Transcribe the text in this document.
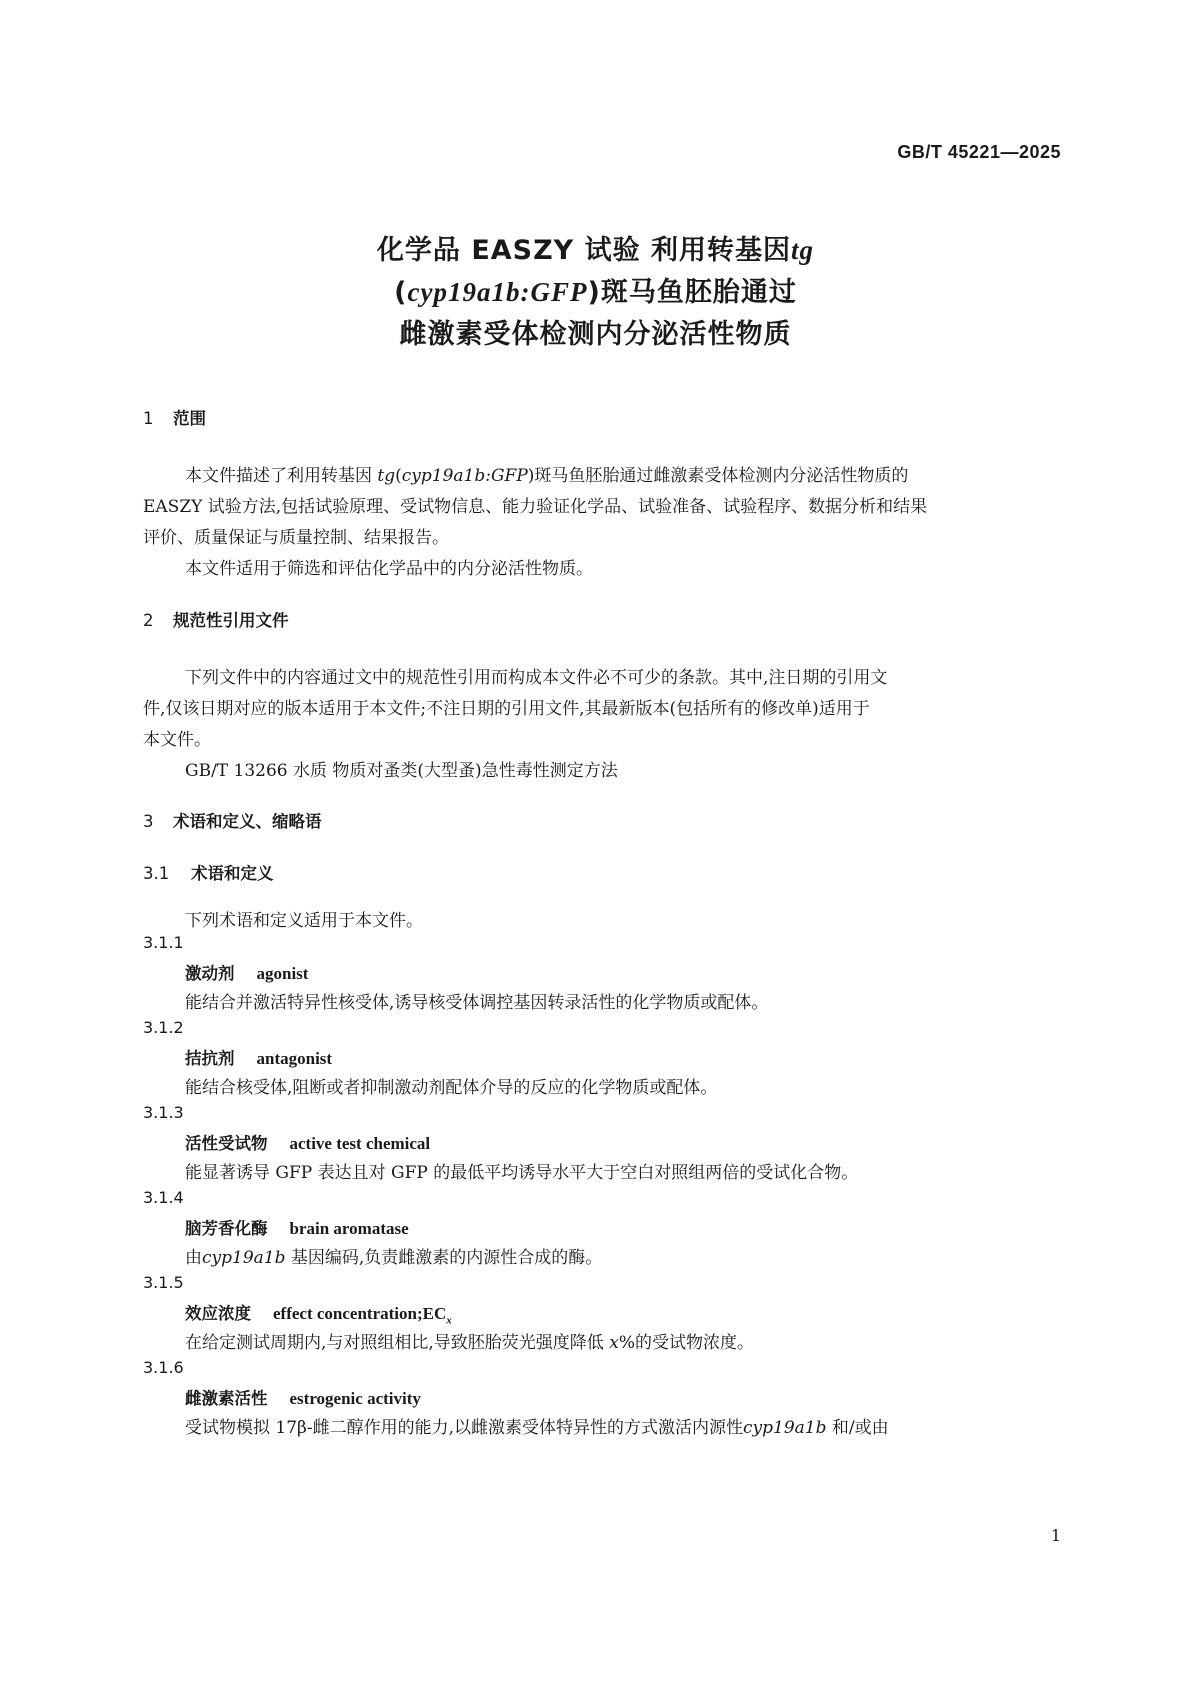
GB/T 45221—2025
化学品 EASZY 试验 利用转基因tg
(cyp19a1b:GFP)斑马鱼胚胎通过
雌激素受体检测内分泌活性物质
1 范围
本文件描述了利用转基因 tg(cyp19a1b:GFP)斑马鱼胚胎通过雌激素受体检测内分泌活性物质的
EASZY 试验方法,包括试验原理、受试物信息、能力验证化学品、试验准备、试验程序、数据分析和结果
评价、质量保证与质量控制、结果报告。
本文件适用于筛选和评估化学品中的内分泌活性物质。
2 规范性引用文件
下列文件中的内容通过文中的规范性引用而构成本文件必不可少的条款。其中,注日期的引用文
件,仅该日期对应的版本适用于本文件;不注日期的引用文件,其最新版本(包括所有的修改单)适用于
本文件。
GB/T 13266 水质 物质对蚤类(大型蚤)急性毒性测定方法
3 术语和定义、缩略语
3.1 术语和定义
下列术语和定义适用于本文件。
3.1.1
激动剂 agonist
能结合并激活特异性核受体,诱导核受体调控基因转录活性的化学物质或配体。
3.1.2
拮抗剂 antagonist
能结合核受体,阻断或者抑制激动剂配体介导的反应的化学物质或配体。
3.1.3
活性受试物 active test chemical
能显著诱导 GFP 表达且对 GFP 的最低平均诱导水平大于空白对照组两倍的受试化合物。
3.1.4
脑芳香化酶 brain aromatase
由cyp19a1b 基因编码,负责雌激素的内源性合成的酶。
3.1.5
效应浓度 effect $concentration;EC_x$
在给定测试周期内,与对照组相比,导致胚胎荧光强度降低 x%的受试物浓度。
3.1.6
雌激素活性 estrogenic activity
受试物模拟 17β-雌二醇作用的能力,以雌激素受体特异性的方式激活内源性cyp19a1b 和/或由
1
